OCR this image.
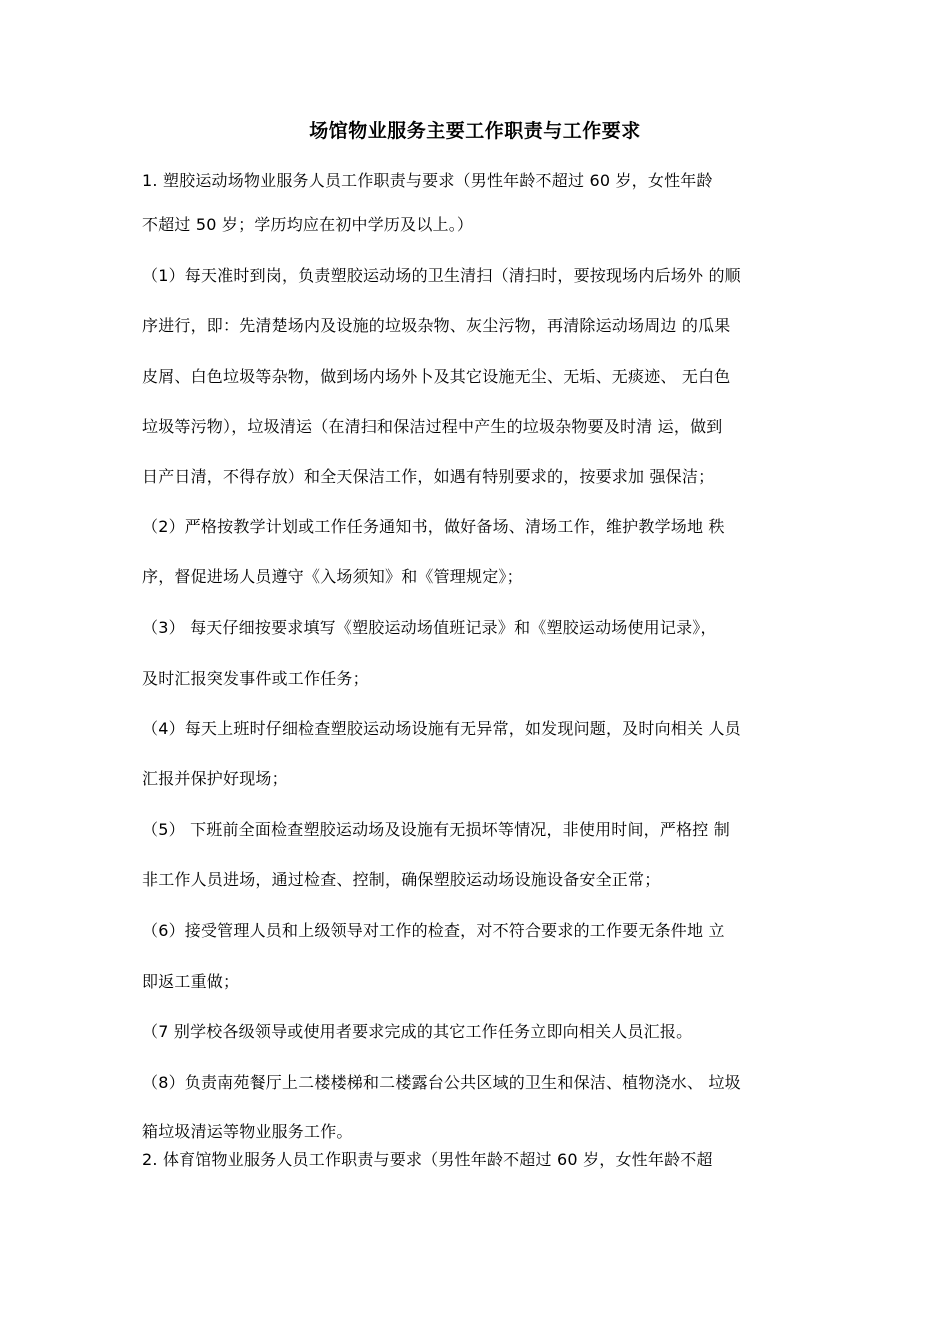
场馆物业服务主要工作职责与工作要求
1. 塑胶运动场物业服务人员工作职责与要求（男性年龄不超过 60 岁，女性年龄
不超过 50 岁；学历均应在初中学历及以上。）
（1）每天准时到岗，负责塑胶运动场的卫生清扫（清扫时，要按现场内后场外 的顺
序进行，即：先清楚场内及设施的垃圾杂物、灰尘污物，再清除运动场周边 的瓜果
皮屑、白色垃圾等杂物，做到场内场外卜及其它设施无尘、无垢、无痰迹、 无白色
垃圾等污物），垃圾清运（在清扫和保洁过程中产生的垃圾杂物要及时清 运，做到
日产日清，不得存放）和全天保洁工作，如遇有特别要求的，按要求加 强保洁；
（2）严格按教学计划或工作任务通知书，做好备场、清场工作，维护教学场地 秩
序，督促进场人员遵守《入场须知》和《管理规定》；
（3） 每天仔细按要求填写《塑胶运动场值班记录》和《塑胶运动场使用记录》，
及时汇报突发事件或工作任务；
（4）每天上班时仔细检查塑胶运动场设施有无异常，如发现问题，及时向相关 人员
汇报并保护好现场；
（5） 下班前全面检查塑胶运动场及设施有无损坏等情况，非使用时间，严格控 制
非工作人员进场，通过检查、控制，确保塑胶运动场设施设备安全正常；
（6）接受管理人员和上级领导对工作的检查，对不符合要求的工作要无条件地 立
即返工重做；
（7 别学校各级领导或使用者要求完成的其它工作任务立即向相关人员汇报。
（8）负责南苑餐厅上二楼楼梯和二楼露台公共区域的卫生和保洁、植物浇水、 垃圾
箱垃圾清运等物业服务工作。
2. 体育馆物业服务人员工作职责与要求（男性年龄不超过 60 岁，女性年龄不超
